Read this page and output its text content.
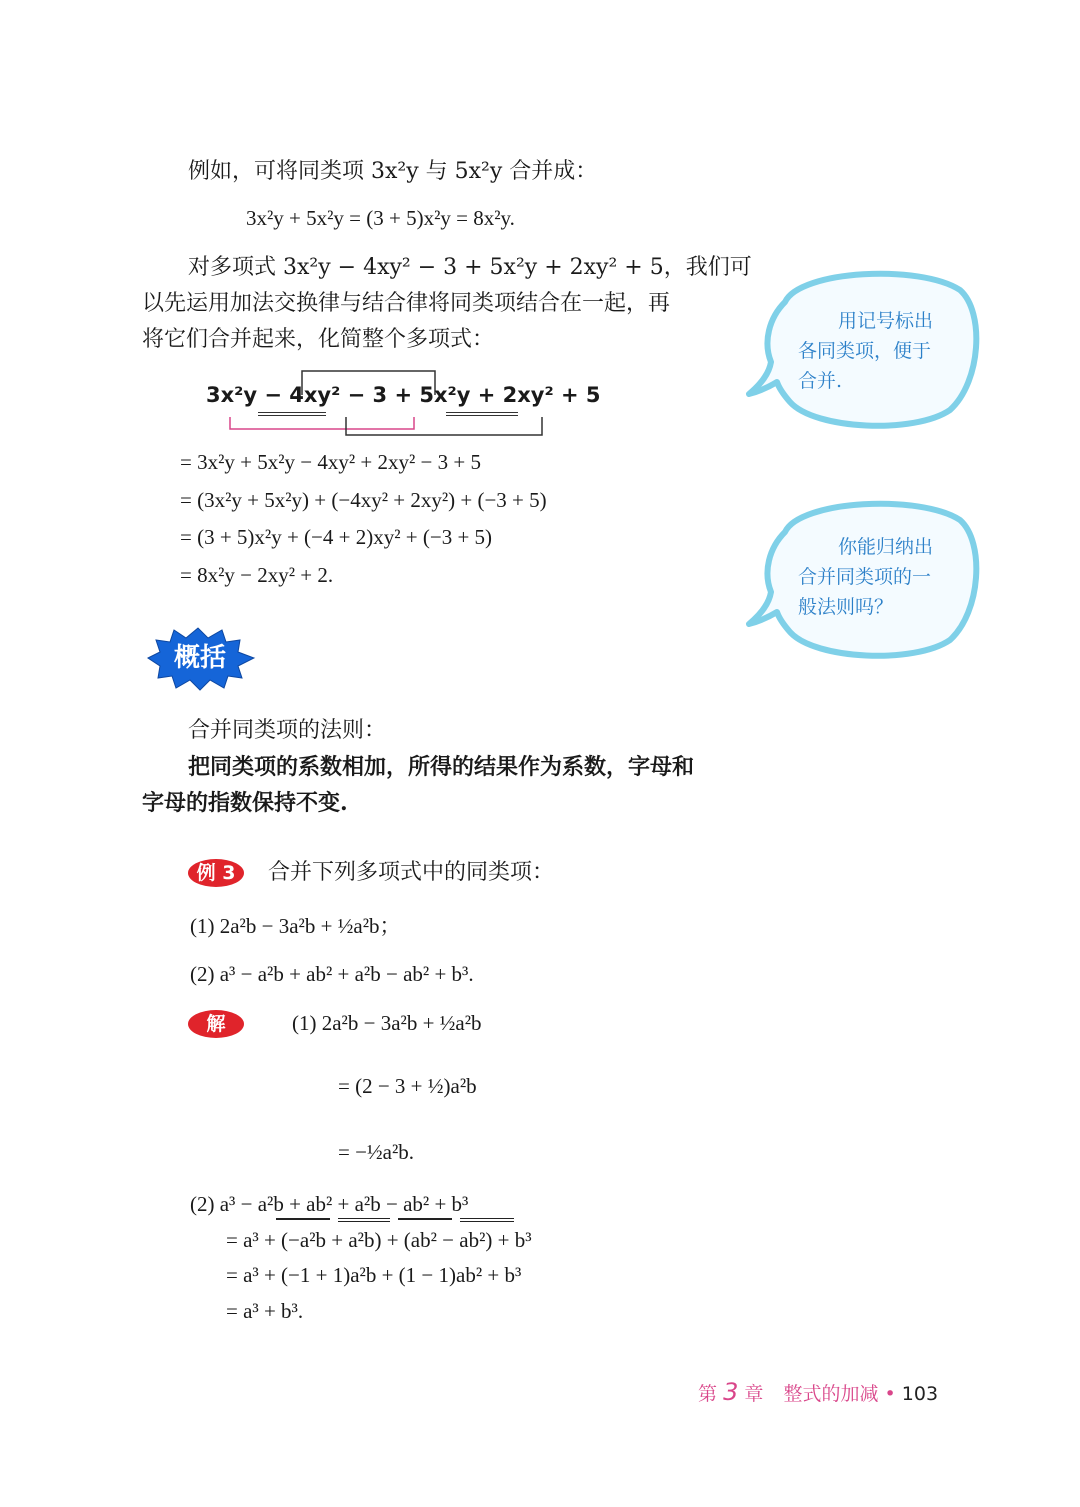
例如，可将同类项 3x²y 与 5x²y 合并成：
3x²y + 5x²y = (3 + 5)x²y = 8x²y.
对多项式 3x²y − 4xy² − 3 + 5x²y + 2xy² + 5，我们可
以先运用加法交换律与结合律将同类项结合在一起，再
将它们合并起来，化简整个多项式：
3x²y − 4xy² − 3 + 5x²y + 2xy² + 5
= 3x²y + 5x²y − 4xy² + 2xy² − 3 + 5
= (3x²y + 5x²y) + (−4xy² + 2xy²) + (−3 + 5)
= (3 + 5)x²y + (−4 + 2)xy² + (−3 + 5)
= 8x²y − 2xy² + 2.
用记号标出各同类项，便于合并.
你能归纳出合并同类项的一般法则吗？
概括
合并同类项的法则：
把同类项的系数相加，所得的结果作为系数，字母和
字母的指数保持不变.
例 3	合并下列多项式中的同类项：
(1) 2a²b − 3a²b + ½a²b；
(2) a³ − a²b + ab² + a²b − ab² + b³.
解	(1) 2a²b − 3a²b + ½a²b
= (2 − 3 + ½)a²b
= −½a²b.
(2) a³ − a²b + ab² + a²b − ab² + b³
= a³ + (−a²b + a²b) + (ab² − ab²) + b³
= a³ + (−1 + 1)a²b + (1 − 1)ab² + b³
= a³ + b³.
第 3 章 整式的加减 • 103
